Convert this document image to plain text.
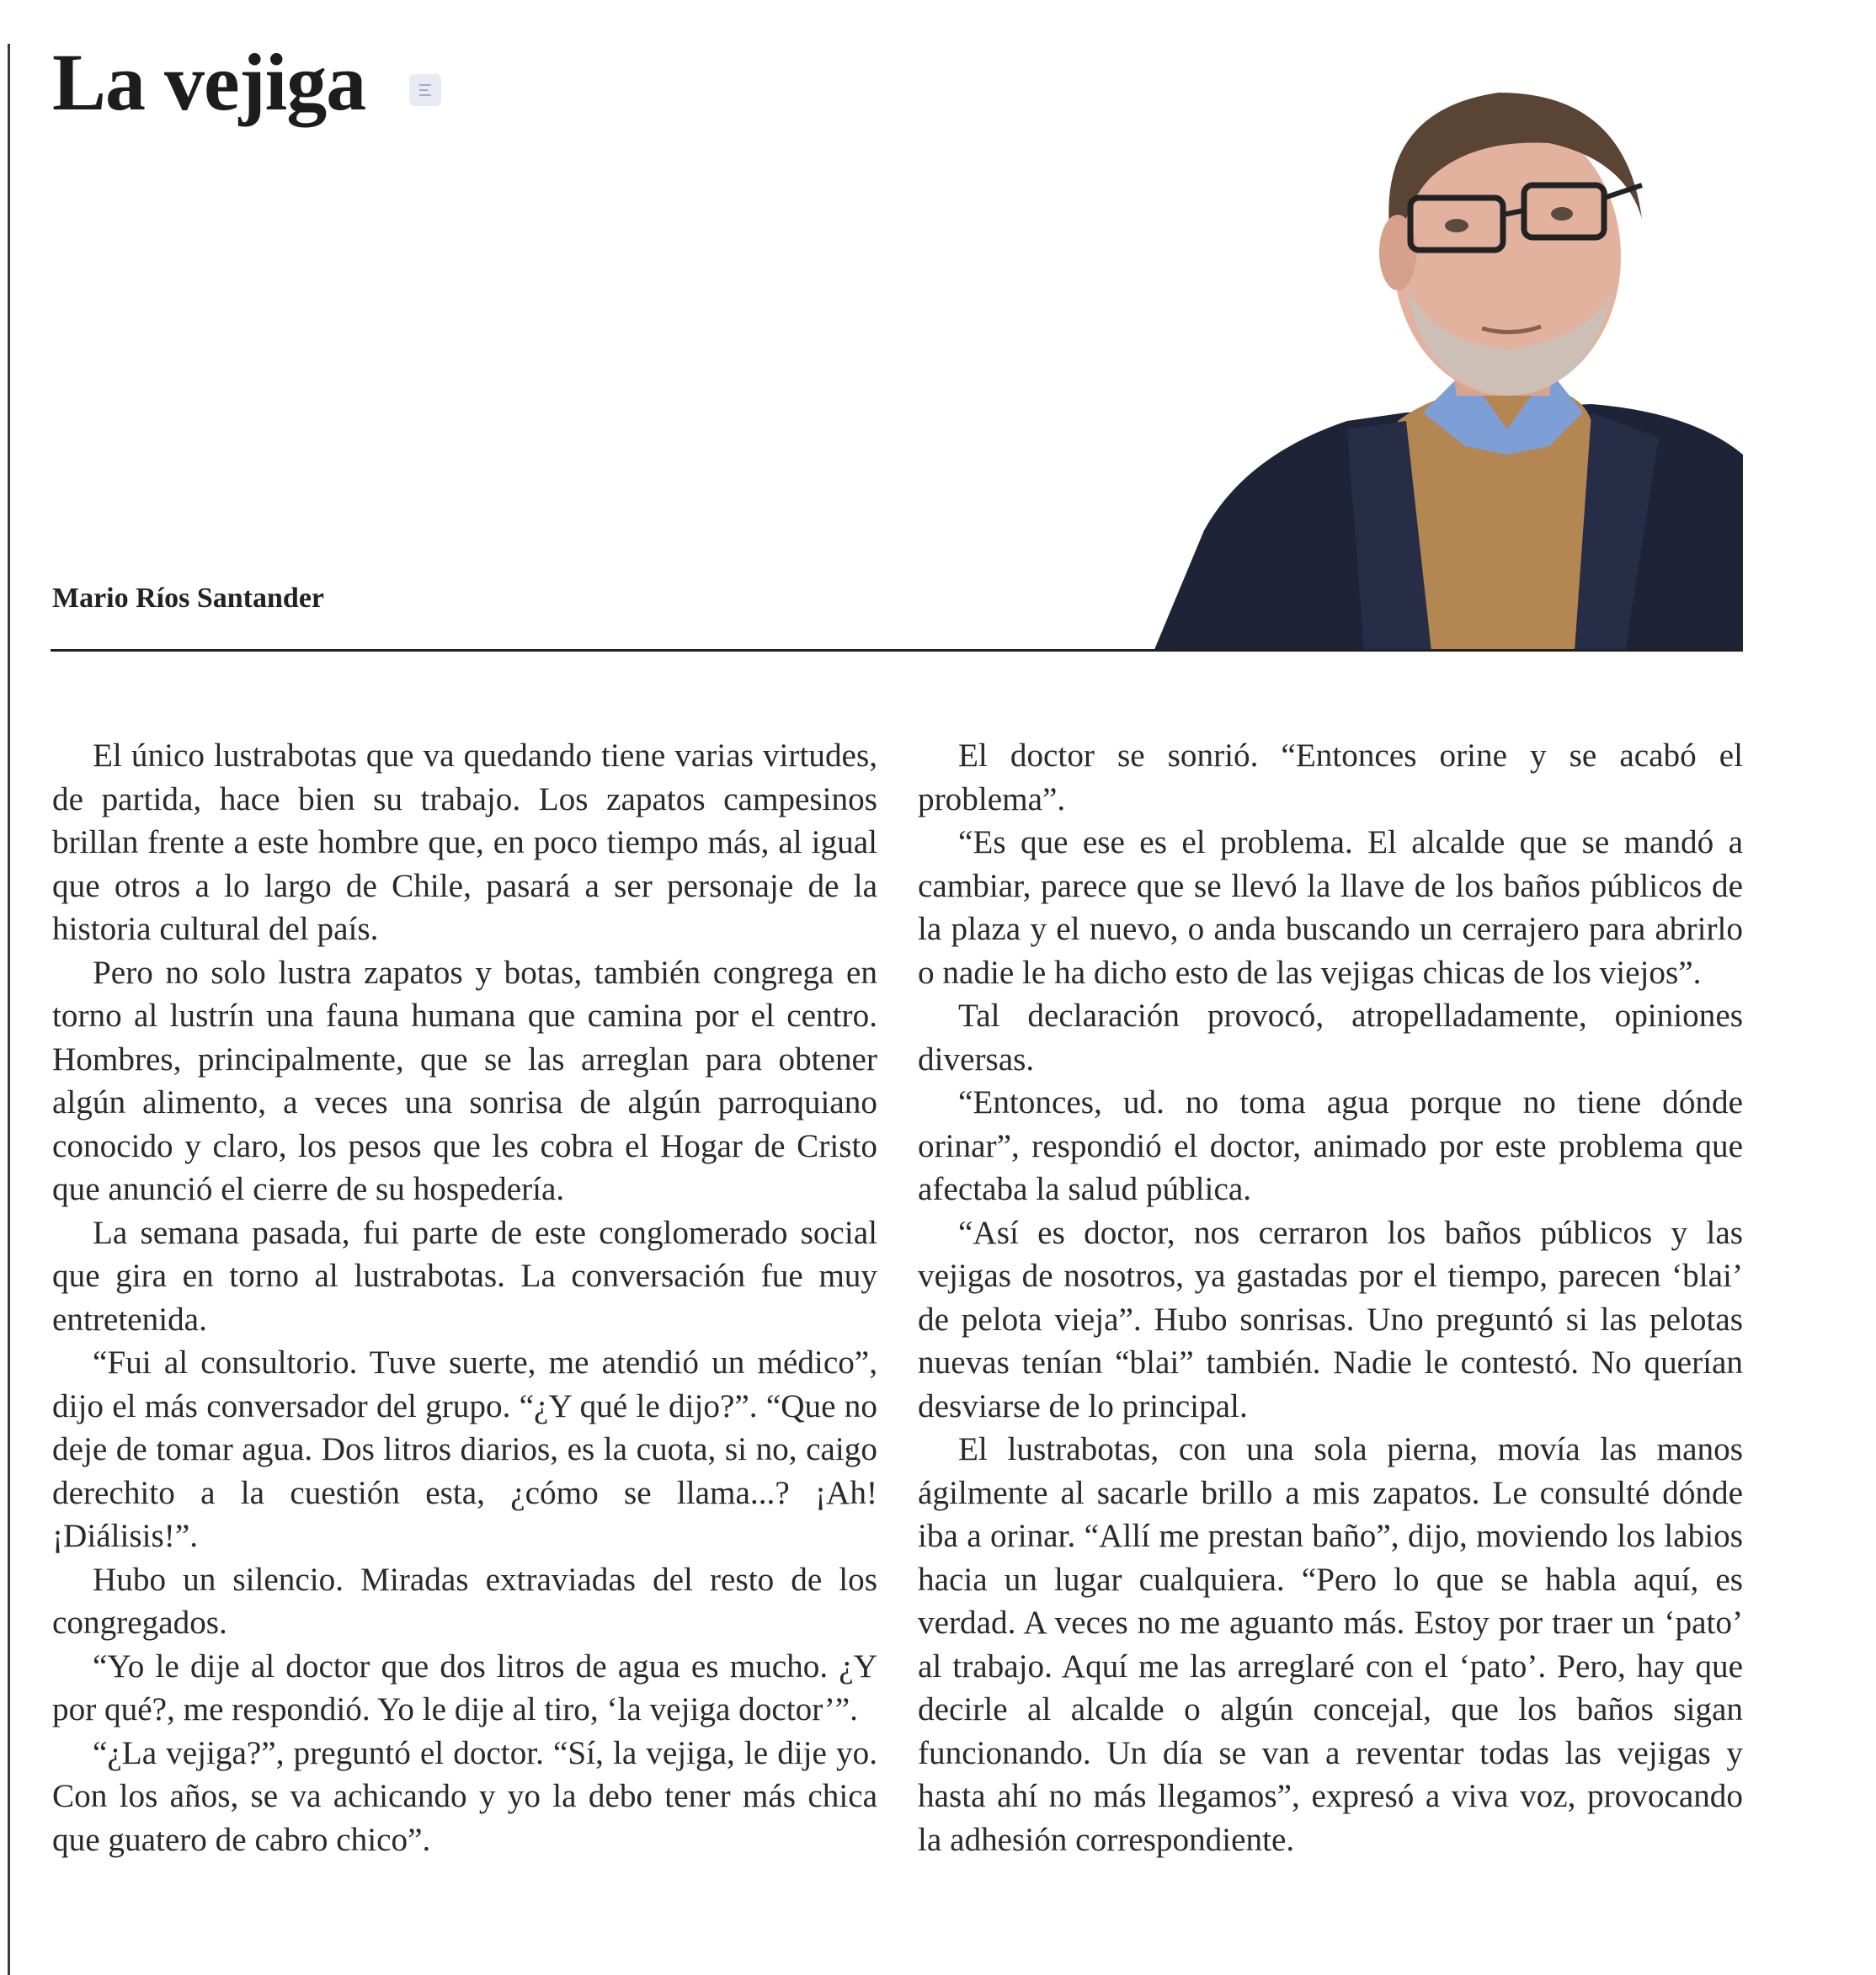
La vejiga
Mario Ríos Santander

El único lustrabotas que va quedando tiene varias virtudes, de partida, hace bien su trabajo. Los zapatos campesinos brillan frente a este hombre que, en poco tiempo más, al igual que otros a lo largo de Chile, pasará a ser personaje de la historia cultural del país.

Pero no solo lustra zapatos y botas, también congrega en torno al lustrín una fauna humana que camina por el centro. Hombres, principalmente, que se las arreglan para obtener algún alimento, a veces una sonrisa de algún parroquiano conocido y claro, los pesos que les cobra el Hogar de Cristo que anunció el cierre de su hospedería.

La semana pasada, fui parte de este conglomerado social que gira en torno al lustrabotas. La conversación fue muy entretenida.

“Fui al consultorio. Tuve suerte, me atendió un médico”, dijo el más conversador del grupo. “¿Y qué le dijo?”. “Que no deje de tomar agua. Dos litros diarios, es la cuota, si no, caigo derechito a la cuestión esta, ¿cómo se llama...? ¡Ah! ¡Diálisis!”.

Hubo un silencio. Miradas extraviadas del resto de los congregados.

“Yo le dije al doctor que dos litros de agua es mucho. ¿Y por qué?, me respondió. Yo le dije al tiro, ‘la vejiga doctor’”.

“¿La vejiga?”, preguntó el doctor. “Sí, la vejiga, le dije yo. Con los años, se va achicando y yo la debo tener más chica que guatero de cabro chico”.

El doctor se sonrió. “Entonces orine y se acabó el problema”.

“Es que ese es el problema. El alcalde que se mandó a cambiar, parece que se llevó la llave de los baños públicos de la plaza y el nuevo, o anda buscando un cerrajero para abrirlo o nadie le ha dicho esto de las vejigas chicas de los viejos”.

Tal declaración provocó, atropelladamente, opiniones diversas.

“Entonces, ud. no toma agua porque no tiene dónde orinar”, respondió el doctor, animado por este problema que afectaba la salud pública.

“Así es doctor, nos cerraron los baños públicos y las vejigas de nosotros, ya gastadas por el tiempo, parecen ‘blai’ de pelota vieja”. Hubo sonrisas. Uno preguntó si las pelotas nuevas tenían “blai” también. Nadie le contestó. No querían desviarse de lo principal.

El lustrabotas, con una sola pierna, movía las manos ágilmente al sacarle brillo a mis zapatos. Le consulté dónde iba a orinar. “Allí me prestan baño”, dijo, moviendo los labios hacia un lugar cualquiera. “Pero lo que se habla aquí, es verdad. A veces no me aguanto más. Estoy por traer un ‘pato’ al trabajo. Aquí me las arreglaré con el ‘pato’. Pero, hay que decirle al alcalde o algún concejal, que los baños sigan funcionando. Un día se van a reventar todas las vejigas y hasta ahí no más llegamos”, expresó a viva voz, provocando la adhesión correspondiente.
